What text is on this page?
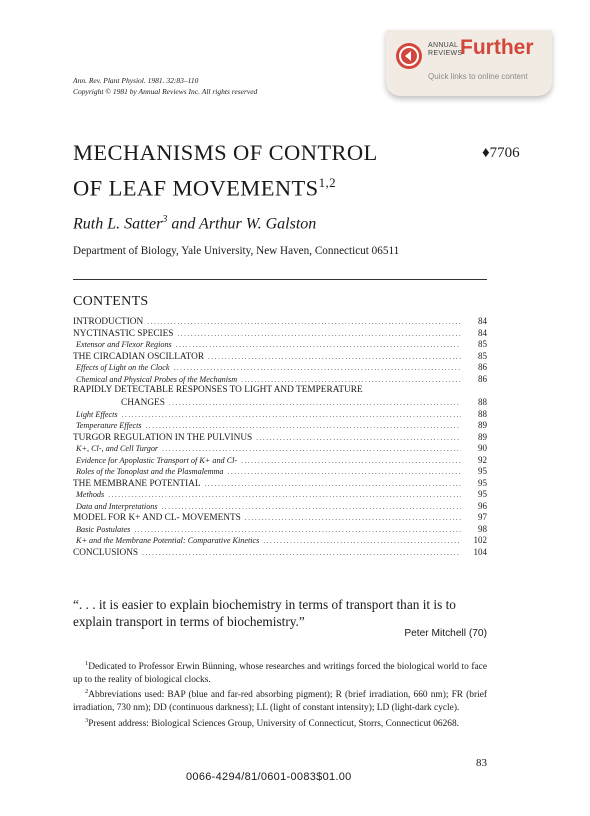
ANNUAL
REVIEWS
Further
Quick links to online content
Ann. Rev. Plant Physiol. 1981. 32:83–110
Copyright © 1981 by Annual Reviews Inc. All rights reserved
MECHANISMS OF CONTROL
OF LEAF MOVEMENTS$^{1,2}$
♦7706
Ruth L. Satter$^3$ and Arthur W. Galston
Department of Biology, Yale University, New Haven, Connecticut 06511
CONTENTS
INTRODUCTION .....	84
NYCTINASTIC SPECIES .....	84
Extensor and Flexor Regions .....	85
THE CIRCADIAN OSCILLATOR .....	85
Effects of Light on the Clock .....	86
Chemical and Physical Probes of the Mechanism .....	86
RAPIDLY DETECTABLE RESPONSES TO LIGHT AND TEMPERATURE
CHANGES .....	88
Light Effects .....	88
Temperature Effects .....	89
TURGOR REGULATION IN THE PULVINUS .....	89
K+, Cl-, and Cell Turgor .....	90
Evidence for Apoplastic Transport of K+ and Cl- .....	92
Roles of the Tonoplast and the Plasmalemma .....	95
THE MEMBRANE POTENTIAL .....	95
Methods .....	95
Data and Interpretations .....	96
MODEL FOR K+ AND CL- MOVEMENTS .....	97
Basic Postulates .....	98
K+ and the Membrane Potential: Comparative Kinetics .....	102
CONCLUSIONS .....	104
“. . . it is easier to explain biochemistry in terms of transport than it is to explain transport in terms of biochemistry.”
Peter Mitchell (70)

$^1$Dedicated to Professor Erwin Bünning, whose researches and writings forced the biological world to face up to the reality of biological clocks.

$^2$Abbreviations used: BAP (blue and far-red absorbing pigment); R (brief irradiation, 660 nm); FR (brief irradiation, 730 nm); DD (continuous darkness); LL (light of constant intensity); LD (light-dark cycle).

$^3$Present address: Biological Sciences Group, University of Connecticut, Storrs, Connecticut 06268.

83
0066-4294/81/0601-0083$01.00
